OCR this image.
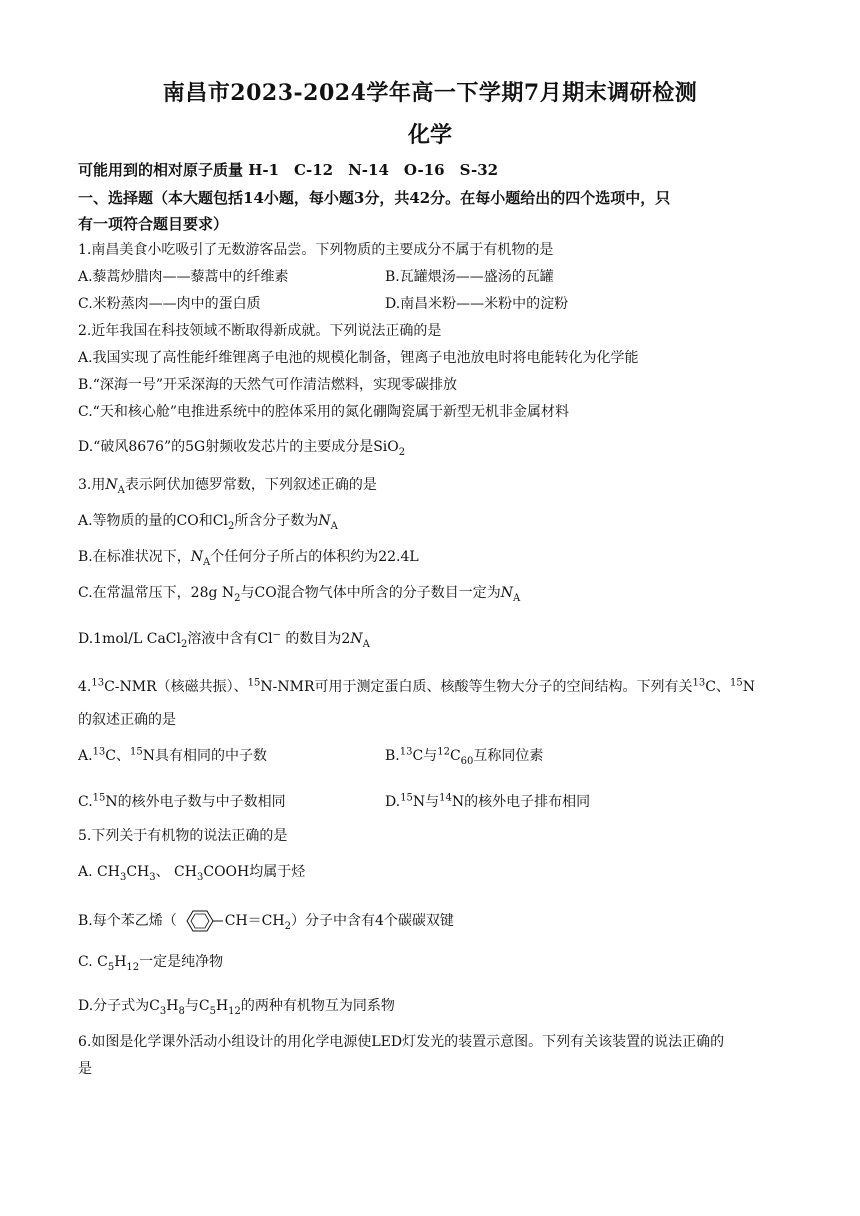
南昌市2023-2024学年高一下学期7月期末调研检测
化学
可能用到的相对原子质量 H-1　C-12　N-14　O-16　S-32
一、选择题（本大题包括14小题，每小题3分，共42分。在每小题给出的四个选项中，只
有一项符合题目要求）
1.南昌美食小吃吸引了无数游客品尝。下列物质的主要成分不属于有机物的是
A.藜蒿炒腊肉——藜蒿中的纤维素	B.瓦罐煨汤——盛汤的瓦罐
C.米粉蒸肉——肉中的蛋白质	D.南昌米粉——米粉中的淀粉
2.近年我国在科技领域不断取得新成就。下列说法正确的是
A.我国实现了高性能纤维锂离子电池的规模化制备，锂离子电池放电时将电能转化为化学能
B.“深海一号”开采深海的天然气可作清洁燃料，实现零碳排放
C.“天和核心舱”电推进系统中的腔体采用的氮化硼陶瓷属于新型无机非金属材料
D.“破风8676”的5G射频收发芯片的主要成分是SiO$_2$
3.用$N_A$表示阿伏加德罗常数，下列叙述正确的是
A.等物质的量的CO和$Cl_2$所含分子数为$N_A$
B.在标准状况下，$N_A$个任何分子所占的体积约为22.4L
C.在常温常压下，28g $N_2$与CO混合物气体中所含的分子数目一定为$N_A$
D.1mol/L CaCl$_2$溶液中含有Cl− 的数目为$2N_A$
4.13C-NMR（核磁共振）、$^{15}$N-NMR可用于测定蛋白质、核酸等生物大分子的空间结构。下列有关$^{13}$C、$^{15}$N
的叙述正确的是
A.$^{13}$C、$^{15}$N具有相同的中子数	B.$^{13}$C与$^{12}C_{60}$互称同位素
C.$^{15}$N的核外电子数与中子数相同	D.$^{15}$N与$^{14}$N的核外电子排布相同
5.下列关于有机物的说法正确的是
A. $CH_3CH_3$、 $CH_3COOH$均属于烃
B.每个苯乙烯（	$CH=CH_2$）分子中含有4个碳碳双键
C. $C_5H_{12}$一定是纯净物
D.分子式为$C_3H_8$与$C_5H_{12}$的两种有机物互为同系物
6.如图是化学课外活动小组设计的用化学电源使LED灯发光的装置示意图。下列有关该装置的说法正确的
是
